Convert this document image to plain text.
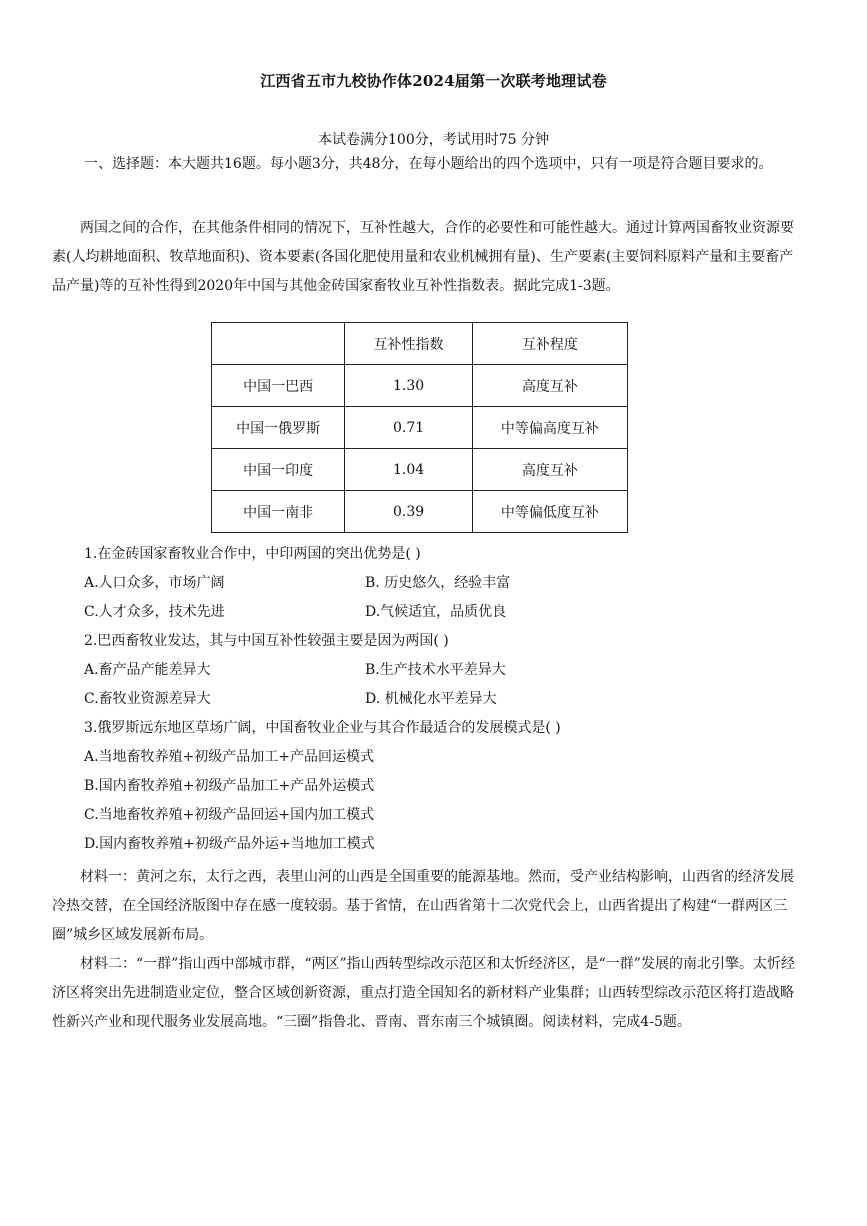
江西省五市九校协作体2024届第一次联考地理试卷
本试卷满分100分，考试用时75 分钟

一、选择题：本大题共16题。每小题3分，共48分，在每小题给出的四个选项中，只有一项是符合题目要求的。

两国之间的合作，在其他条件相同的情况下，互补性越大，合作的必要性和可能性越大。通过计算两国畜牧业资源要素(人均耕地面积、牧草地面积)、资本要素(各国化肥使用量和农业机械拥有量)、生产要素(主要饲料原料产量和主要畜产品产量)等的互补性得到2020年中国与其他金砖国家畜牧业互补性指数表。据此完成1-3题。

	互补性指数	互补程度
中国一巴西	1.30	高度互补
中国一俄罗斯	0.71	中等偏高度互补
中国一印度	1.04	高度互补
中国一南非	0.39	中等偏低度互补
1.在金砖国家畜牧业合作中，中印两国的突出优势是( )
A.人口众多，市场广阔	B. 历史悠久，经验丰富
C.人才众多，技术先进	D.气候适宜，品质优良
2.巴西畜牧业发达，其与中国互补性较强主要是因为两国( )
A.畜产品产能差异大	B.生产技术水平差异大
C.畜牧业资源差异大	D. 机械化水平差异大
3.俄罗斯远东地区草场广阔，中国畜牧业企业与其合作最适合的发展模式是( )
A.当地畜牧养殖+初级产品加工+产品回运模式
B.国内畜牧养殖+初级产品加工+产品外运模式
C.当地畜牧养殖+初级产品回运+国内加工模式
D.国内畜牧养殖+初级产品外运+当地加工模式

材料一：黄河之东，太行之西，表里山河的山西是全国重要的能源基地。然而，受产业结构影响，山西省的经济发展冷热交替，在全国经济版图中存在感一度较弱。基于省情，在山西省第十二次党代会上，山西省提出了构建“一群两区三圈”城乡区域发展新布局。

材料二：“一群”指山西中部城市群，“两区”指山西转型综改示范区和太忻经济区，是“一群”发展的南北引擎。太忻经济区将突出先进制造业定位，整合区域创新资源，重点打造全国知名的新材料产业集群；山西转型综改示范区将打造战略性新兴产业和现代服务业发展高地。“三圈”指鲁北、晋南、晋东南三个城镇圈。阅读材料，完成4-5题。
